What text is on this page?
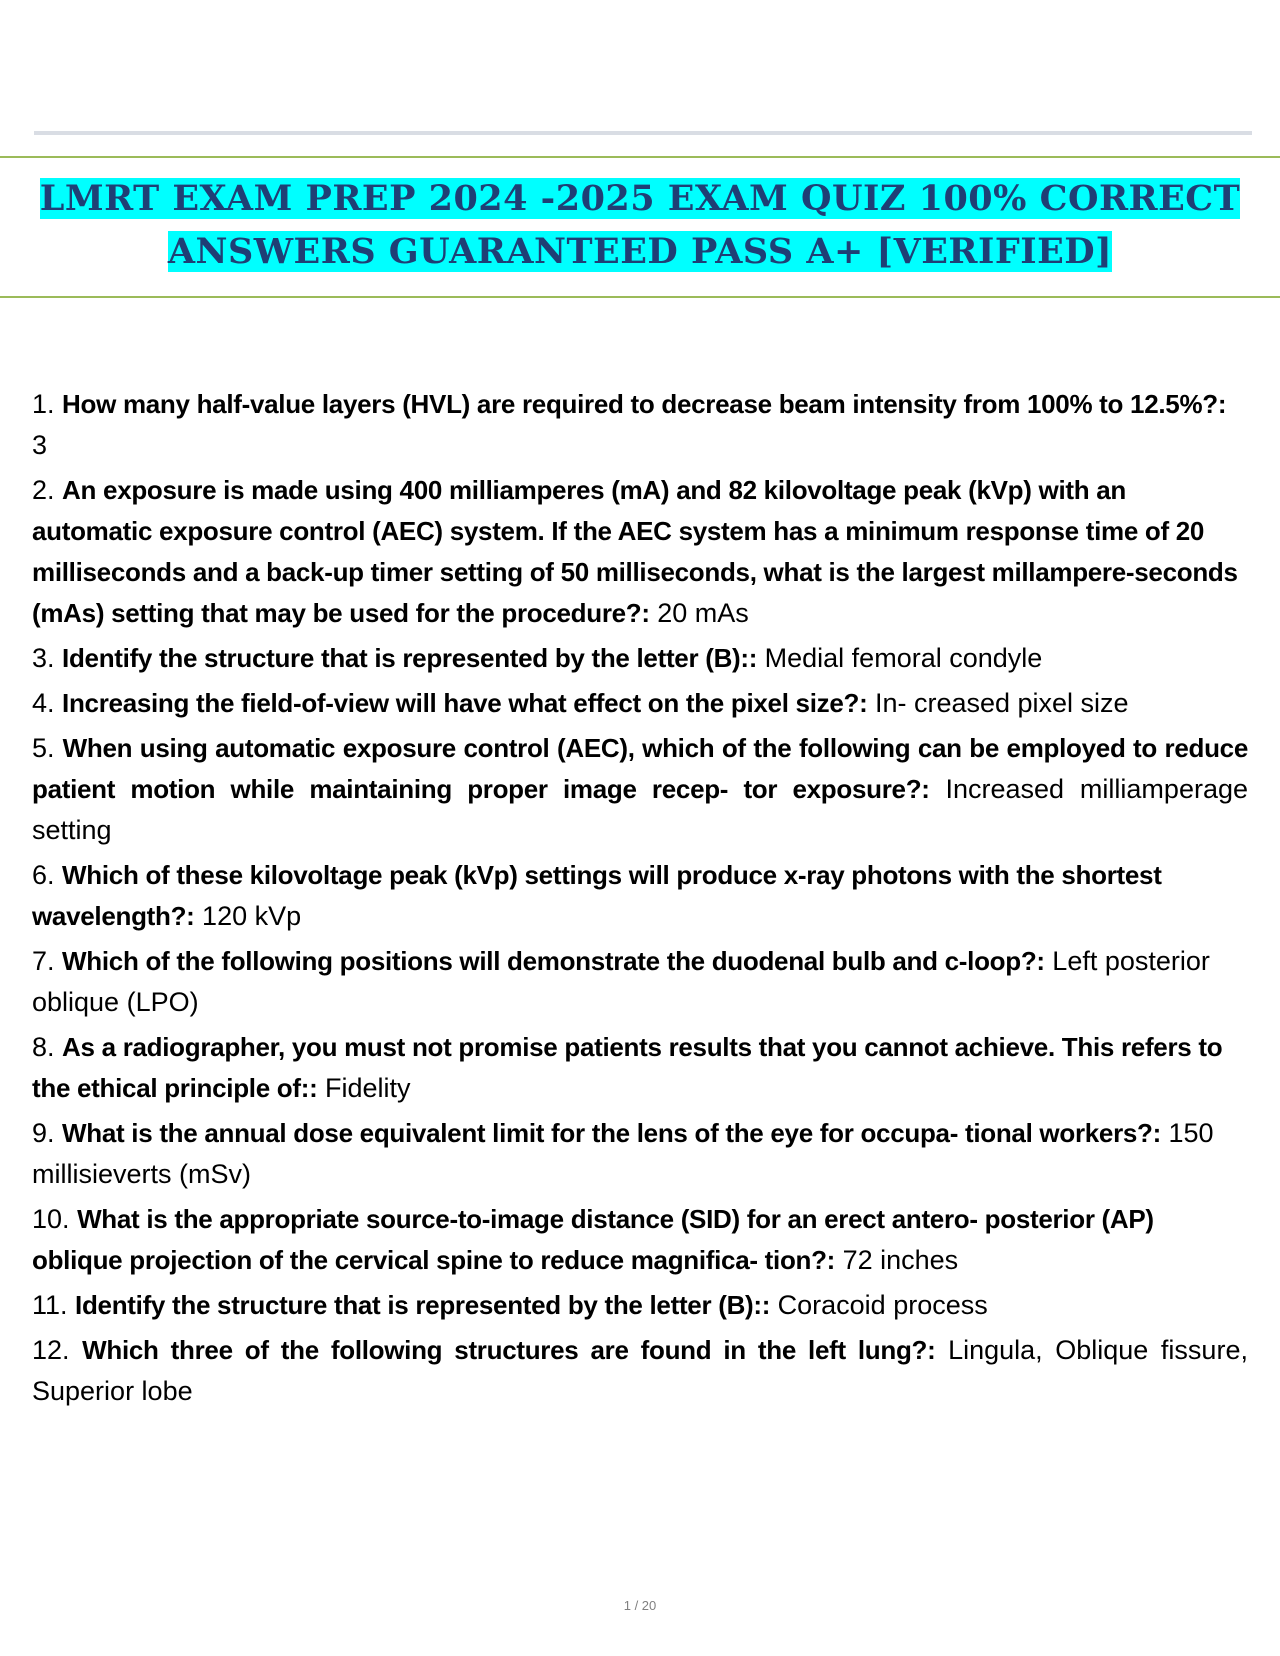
LMRT EXAM PREP 2024 -2025 EXAM QUIZ 100% CORRECT ANSWERS GUARANTEED PASS A+ [VERIFIED]

1. How many half-value layers (HVL) are required to decrease beam intensity from 100% to 12.5%?: 3

2. An exposure is made using 400 milliamperes (mA) and 82 kilovoltage peak (kVp) with an automatic exposure control (AEC) system. If the AEC system has a minimum response time of 20 milliseconds and a back-up timer setting of 50 milliseconds, what is the largest millampere-seconds (mAs) setting that may be used for the procedure?: 20 mAs

3. Identify the structure that is represented by the letter (B):: Medial femoral condyle

4. Increasing the field-of-view will have what effect on the pixel size?: In- creased pixel size

5. When using automatic exposure control (AEC), which of the following can be employed to reduce patient motion while maintaining proper image recep- tor exposure?: Increased milliamperage setting

6. Which of these kilovoltage peak (kVp) settings will produce x-ray photons with the shortest wavelength?: 120 kVp

7. Which of the following positions will demonstrate the duodenal bulb and c-loop?: Left posterior oblique (LPO)

8. As a radiographer, you must not promise patients results that you cannot achieve. This refers to the ethical principle of:: Fidelity

9. What is the annual dose equivalent limit for the lens of the eye for occupa- tional workers?: 150 millisieverts (mSv)

10. What is the appropriate source-to-image distance (SID) for an erect antero- posterior (AP) oblique projection of the cervical spine to reduce magnifica- tion?: 72 inches

11. Identify the structure that is represented by the letter (B):: Coracoid process

12. Which three of the following structures are found in the left lung?: Lingula, Oblique fissure, Superior lobe

1 / 20
